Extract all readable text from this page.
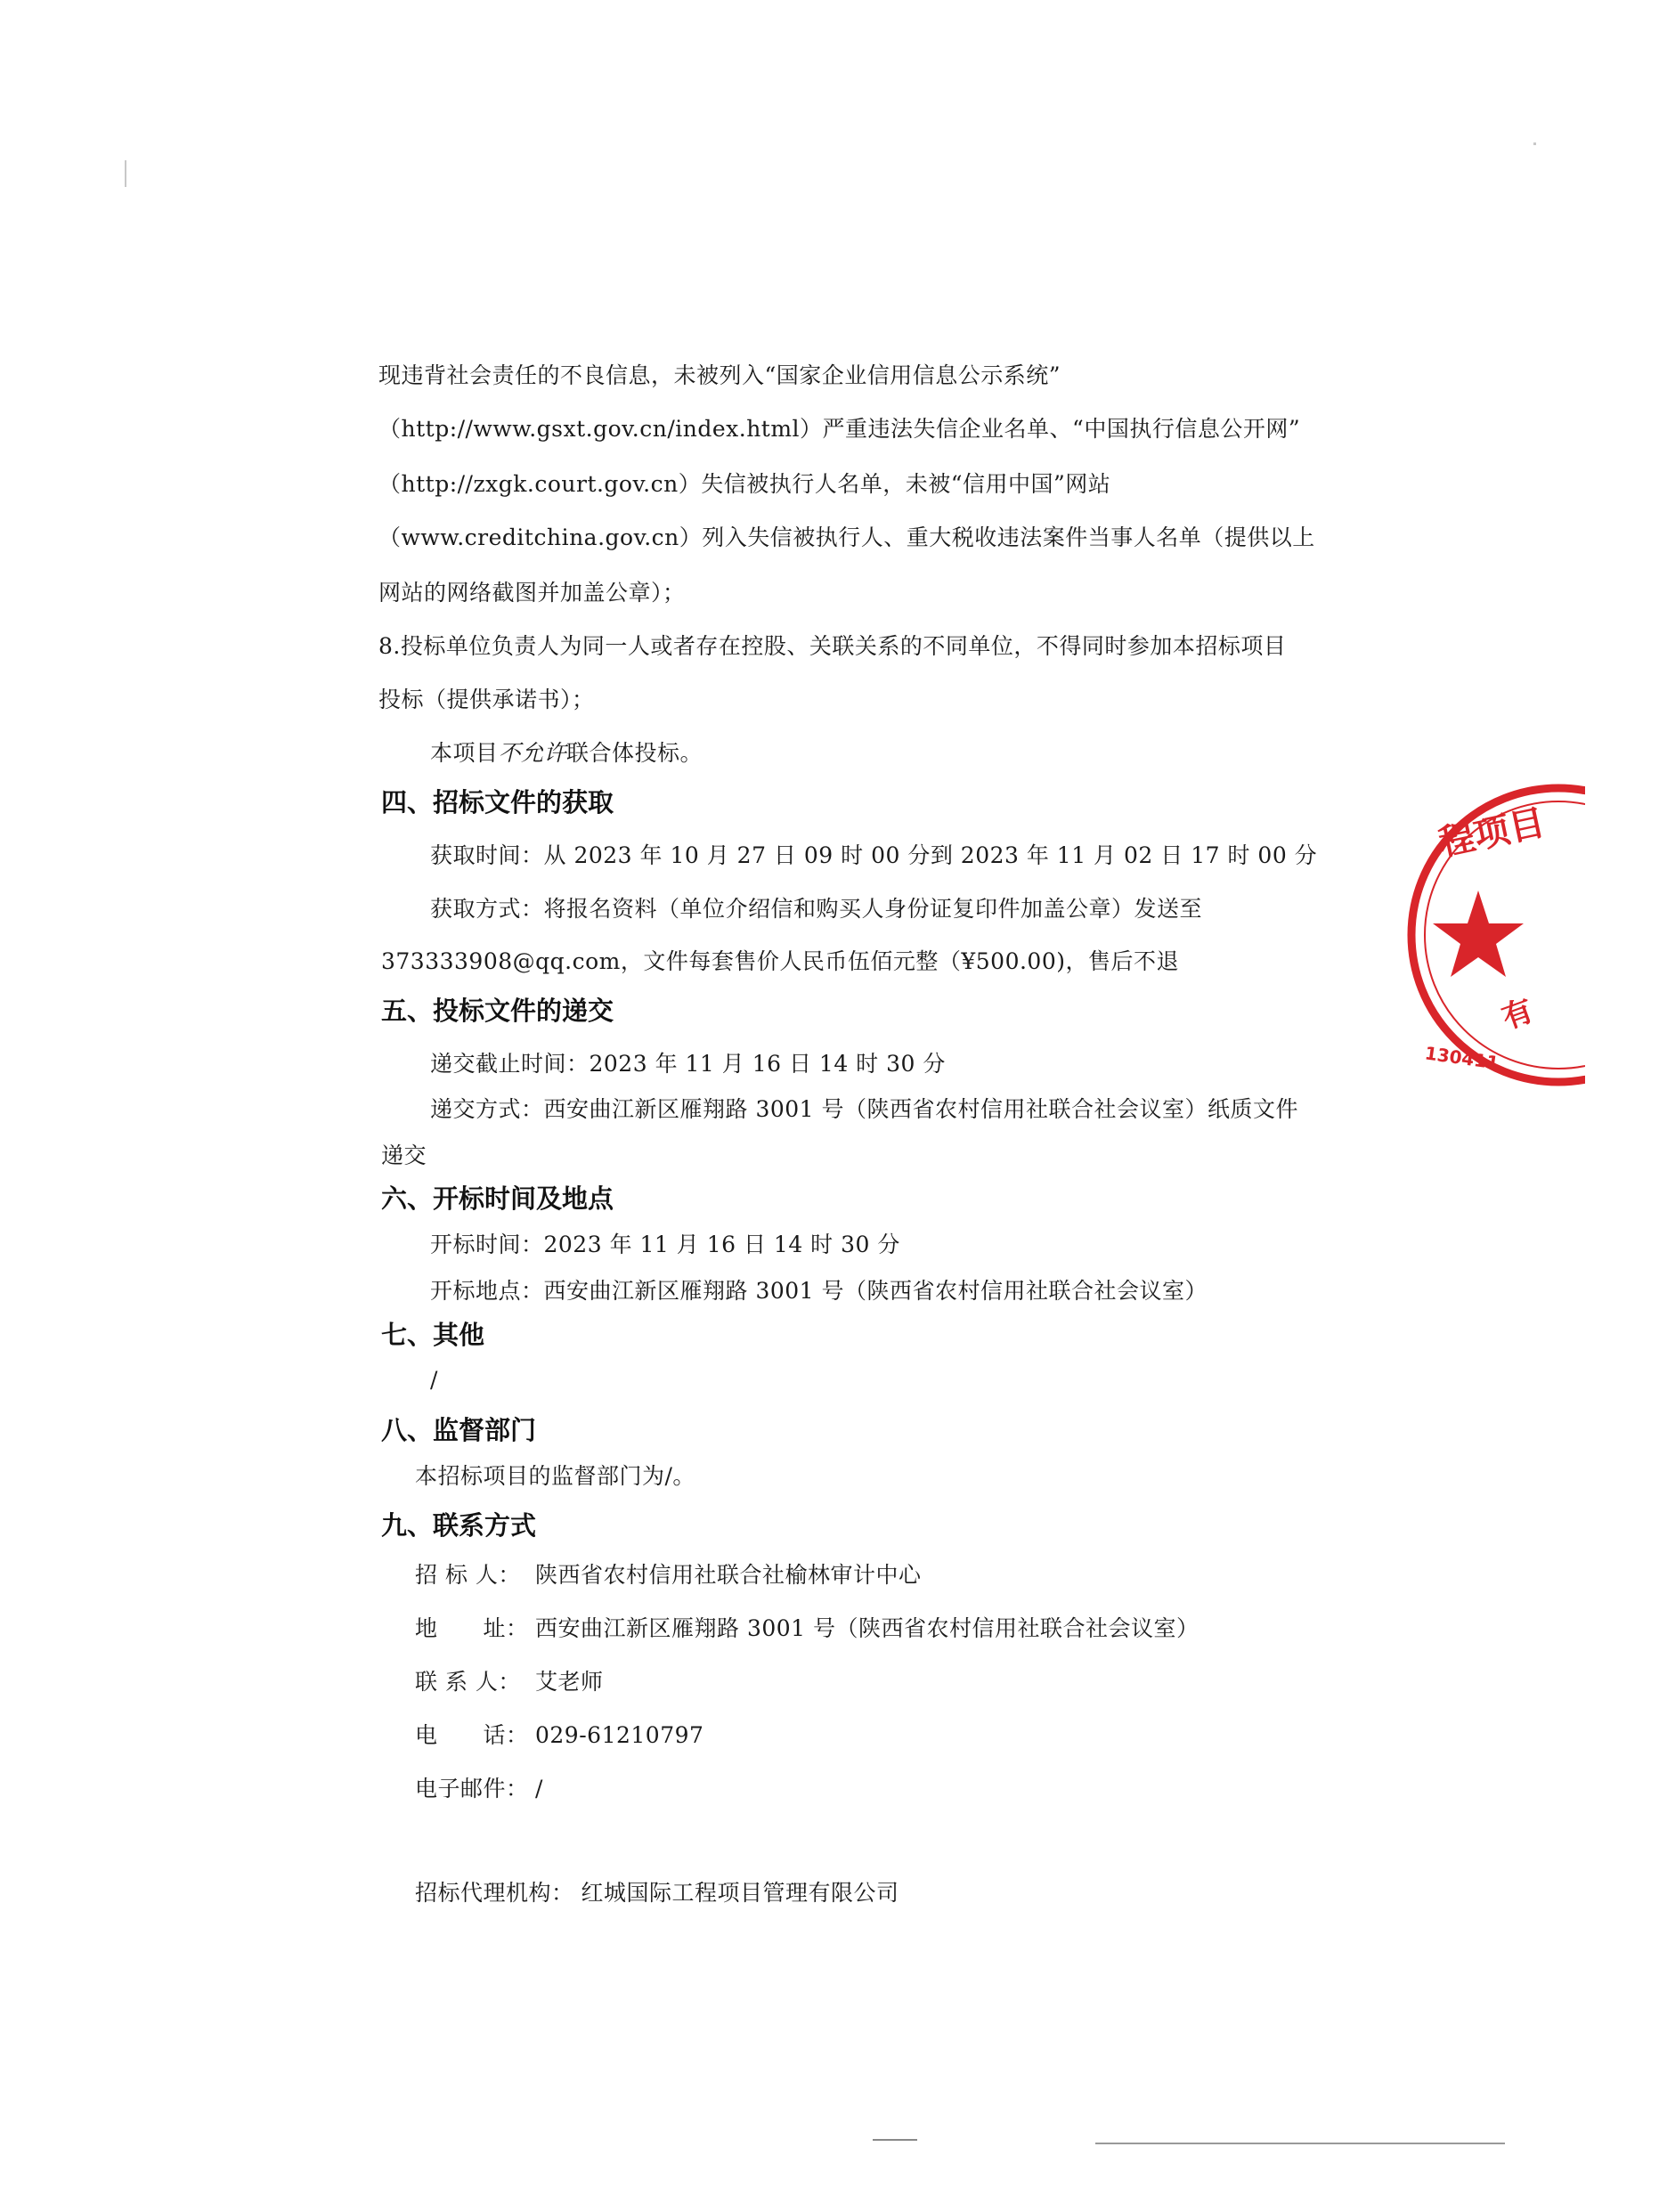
现违背社会责任的不良信息，未被列入“国家企业信用信息公示系统”
（http://www.gsxt.gov.cn/index.html）严重违法失信企业名单、“中国执行信息公开网”
（http://zxgk.court.gov.cn）失信被执行人名单，未被“信用中国”网站
（www.creditchina.gov.cn）列入失信被执行人、重大税收违法案件当事人名单（提供以上
网站的网络截图并加盖公章）；
8.投标单位负责人为同一人或者存在控股、关联关系的不同单位，不得同时参加本招标项目
投标（提供承诺书）；
本项目不允许联合体投标。
四、招标文件的获取
获取时间：从 2023 年 10 月 27 日 09 时 00 分到 2023 年 11 月 02 日 17 时 00 分
获取方式：将报名资料（单位介绍信和购买人身份证复印件加盖公章）发送至
373333908@qq.com，文件每套售价人民币伍佰元整（¥500.00)，售后不退
五、投标文件的递交
递交截止时间：2023 年 11 月 16 日 14 时 30 分
递交方式：西安曲江新区雁翔路 3001 号（陕西省农村信用社联合社会议室）纸质文件
递交
六、开标时间及地点
开标时间：2023 年 11 月 16 日 14 时 30 分
开标地点：西安曲江新区雁翔路 3001 号（陕西省农村信用社联合社会议室）
七、其他
/
八、监督部门
本招标项目的监督部门为/。
九、联系方式
招 标 人： 陕西省农村信用社联合社榆林审计中心
地　　址： 西安曲江新区雁翔路 3001 号（陕西省农村信用社联合社会议室）
联 系 人： 艾老师
电　　话： 029-61210797
电子邮件： /
招标代理机构： 红城国际工程项目管理有限公司
程项目
130411
有
